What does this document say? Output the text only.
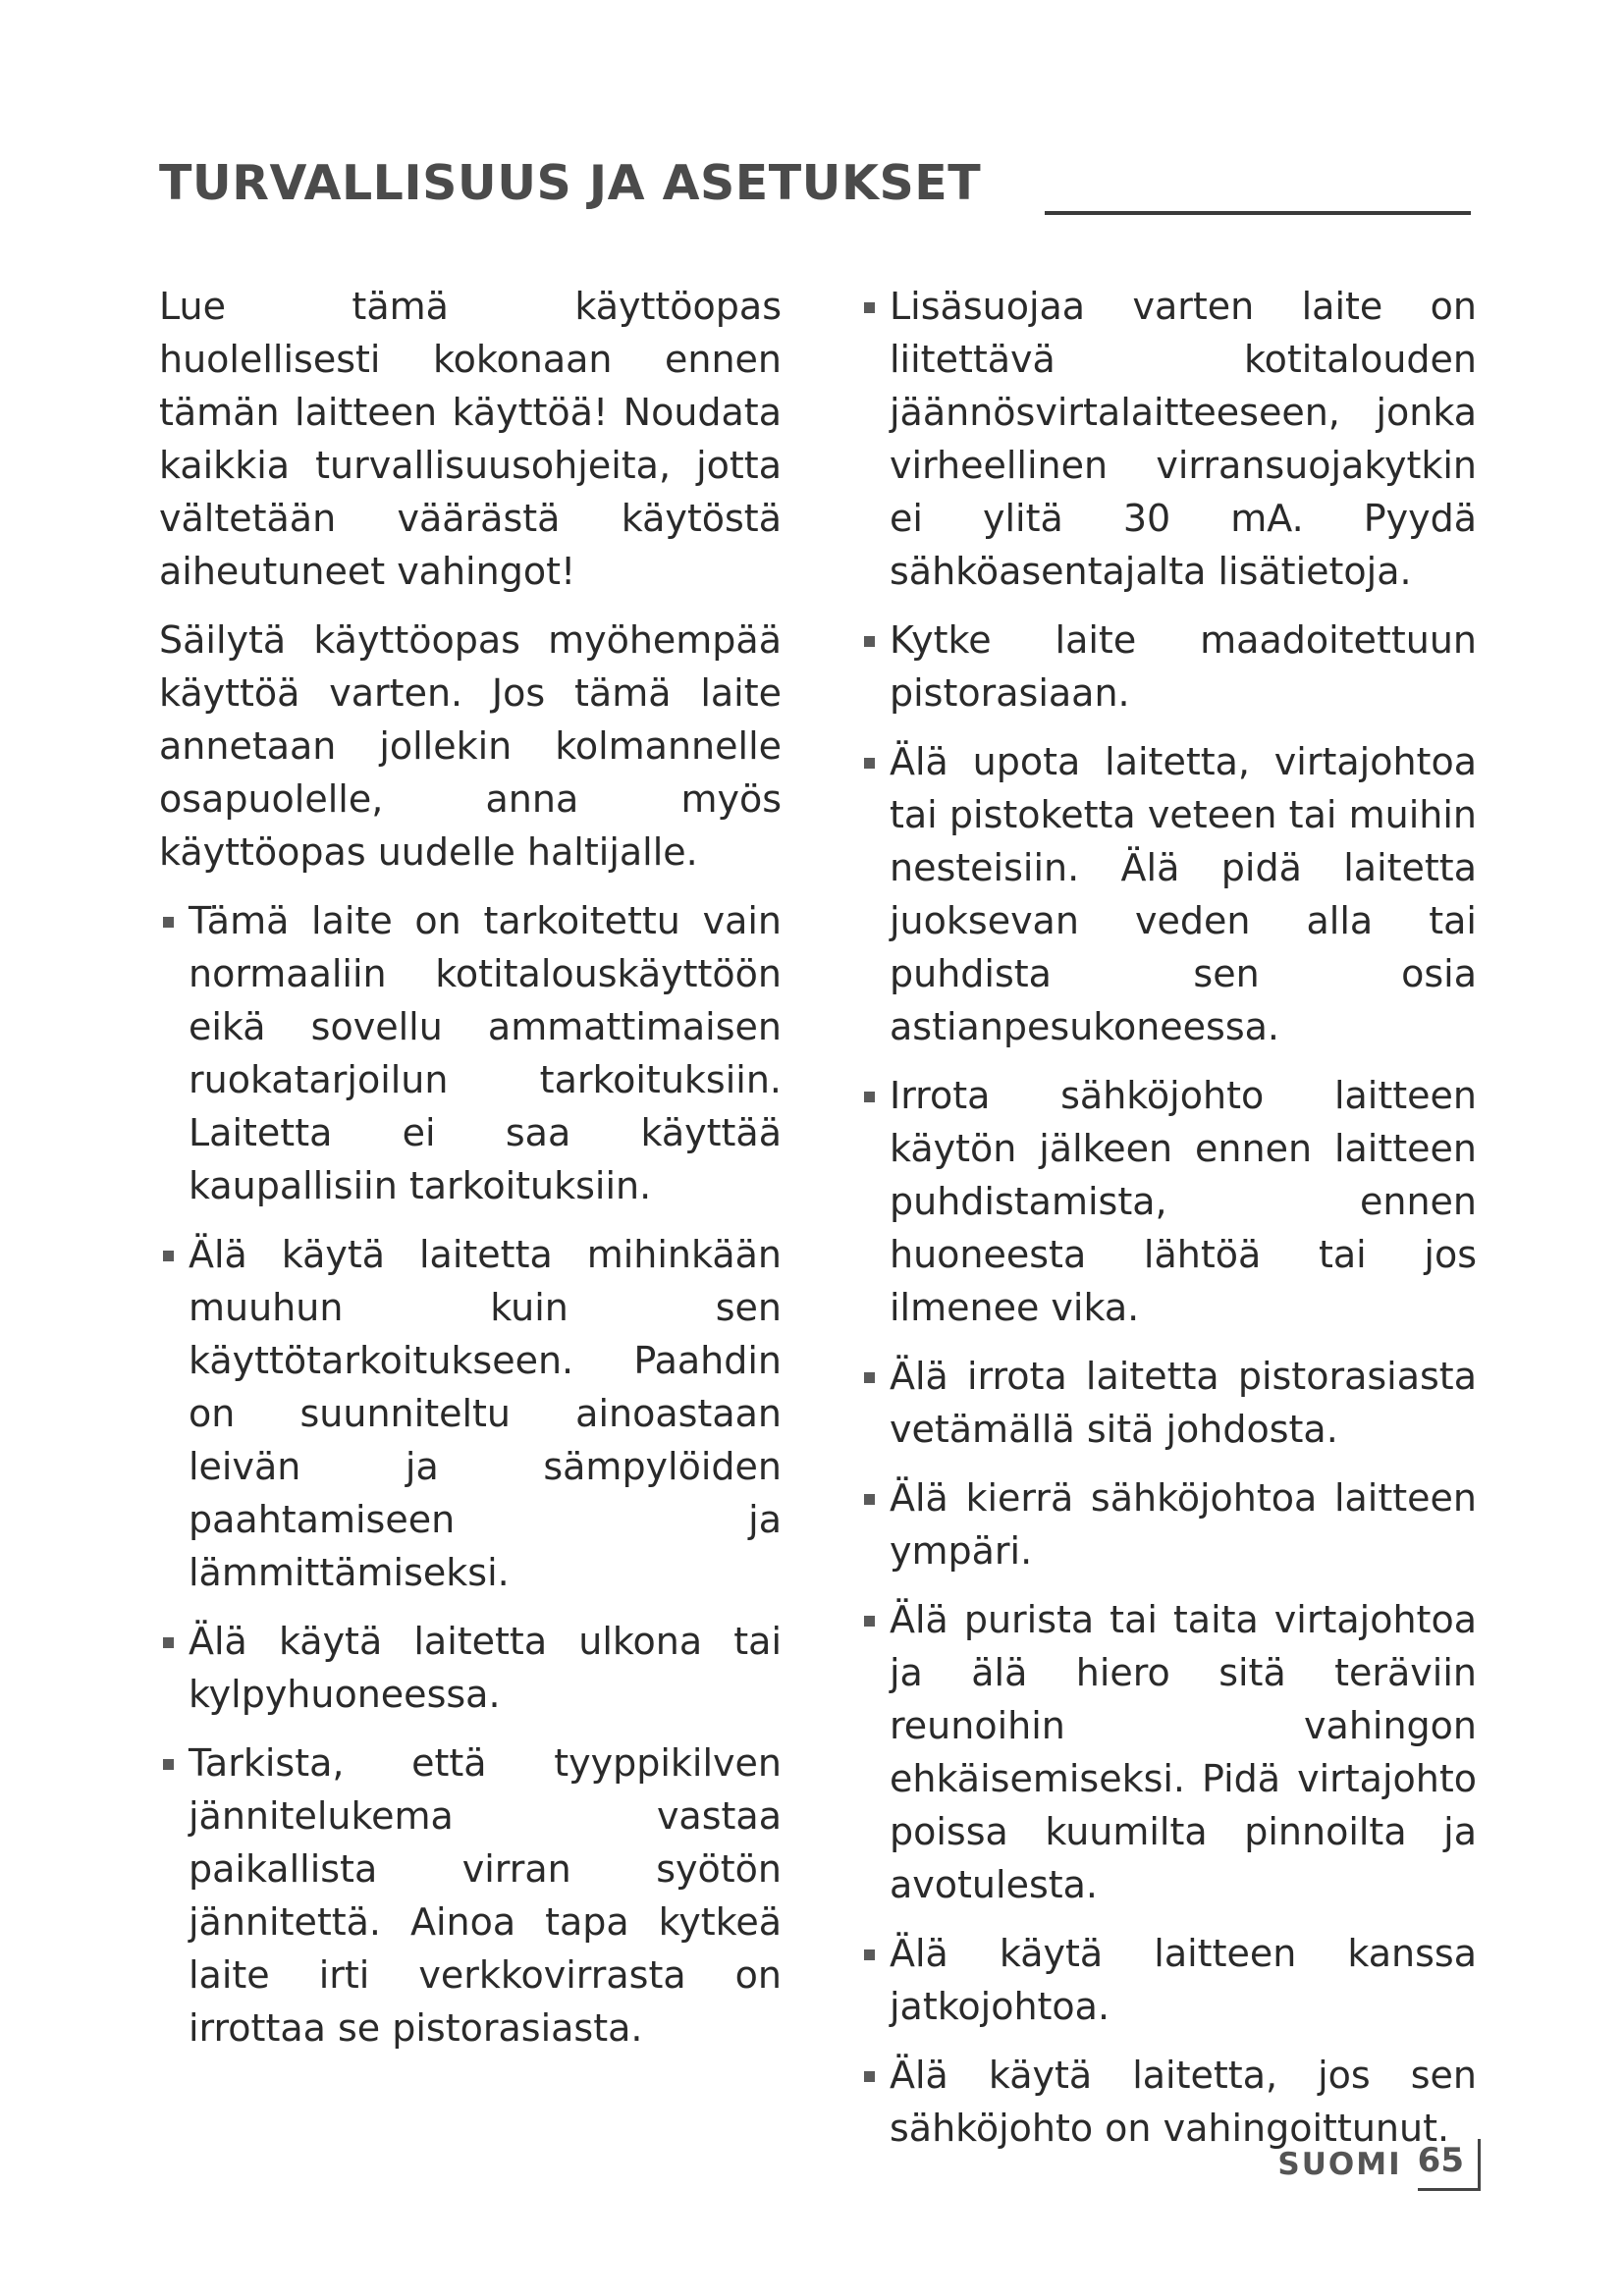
TURVALLISUUS JA ASETUKSET

Lue tämä käyttöopas huolellisesti kokonaan ennen tämän laitteen käyttöä! Noudata kaikkia turvallisuusohjeita, jotta vältetään väärästä käytöstä aiheutuneet vahingot!

Säilytä käyttöopas myöhempää käyttöä varten. Jos tämä laite annetaan jollekin kolmannelle osapuolelle, anna myös käyttöopas uudelle haltijalle.

Tämä laite on tarkoitettu vain normaaliin kotitalouskäyttöön eikä sovellu ammattimaisen ruokatarjoilun tarkoituksiin. Laitetta ei saa käyttää kaupallisiin tarkoituksiin.
Älä käytä laitetta mihinkään muuhun kuin sen käyttötarkoitukseen. Paahdin on suunniteltu ainoastaan leivän ja sämpylöiden paahtamiseen ja lämmittämiseksi.
Älä käytä laitetta ulkona tai kylpyhuoneessa.
Tarkista, että tyyppikilven jännitelukema vastaa paikallista virran syötön jännitettä. Ainoa tapa kytkeä laite irti verkkovirrasta on irrottaa se pistorasiasta.
Lisäsuojaa varten laite on liitettävä kotitalouden jäännösvirtalaitteeseen, jonka virheellinen virransuojakytkin ei ylitä 30 mA. Pyydä sähköasentajalta lisätietoja.
Kytke laite maadoitettuun pistorasiaan.
Älä upota laitetta, virtajohtoa tai pistoketta veteen tai muihin nesteisiin. Älä pidä laitetta juoksevan veden alla tai puhdista sen osia astianpesukoneessa.
Irrota sähköjohto laitteen käytön jälkeen ennen laitteen puhdistamista, ennen huoneesta lähtöä tai jos ilmenee vika.
Älä irrota laitetta pistorasiasta vetämällä sitä johdosta.
Älä kierrä sähköjohtoa laitteen ympäri.
Älä purista tai taita virtajohtoa ja älä hiero sitä teräviin reunoihin vahingon ehkäisemiseksi. Pidä virtajohto poissa kuumilta pinnoilta ja avotulesta.
Älä käytä laitteen kanssa jatkojohtoa.
Älä käytä laitetta, jos sen sähköjohto on vahingoittunut.
SUOMI 65
